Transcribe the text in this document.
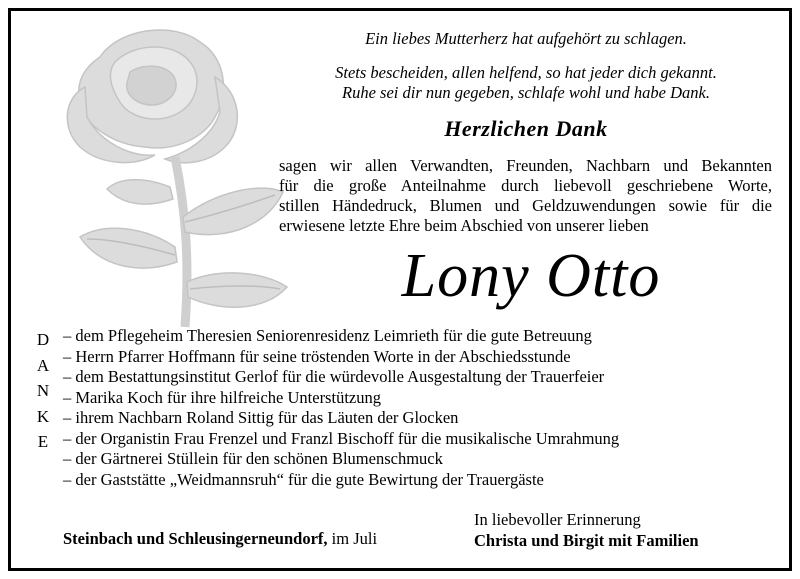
Ein liebes Mutterherz hat aufgehört zu schlagen.
Stets bescheiden, allen helfend, so hat jeder dich gekannt.
Ruhe sei dir nun gegeben, schlafe wohl und habe Dank.
Herzlichen Dank
sagen wir allen Verwandten, Freunden, Nachbarn und Bekannten
für die große Anteilnahme durch liebevoll geschriebene Worte,
stillen Händedruck, Blumen und Geldzuwendungen sowie für die
erwiesene letzte Ehre beim Abschied von unserer lieben
Lony Otto
D
A
N
K
E
– dem Pflegeheim Theresien Seniorenresidenz Leimrieth für die gute Betreuung
– Herrn Pfarrer Hoffmann für seine tröstenden Worte in der Abschiedsstunde
– dem Bestattungsinstitut Gerlof für die würdevolle Ausgestaltung der Trauerfeier
– Marika Koch für ihre hilfreiche Unterstützung
– ihrem Nachbarn Roland Sittig für das Läuten der Glocken
– der Organistin Frau Frenzel und Franzl Bischoff für die musikalische Umrahmung
– der Gärtnerei Stüllein für den schönen Blumenschmuck
– der Gaststätte „Weidmannsruh“ für die gute Bewirtung der Trauergäste
Steinbach und Schleusingerneundorf, im Juli
In liebevoller Erinnerung
Christa und Birgit mit Familien
